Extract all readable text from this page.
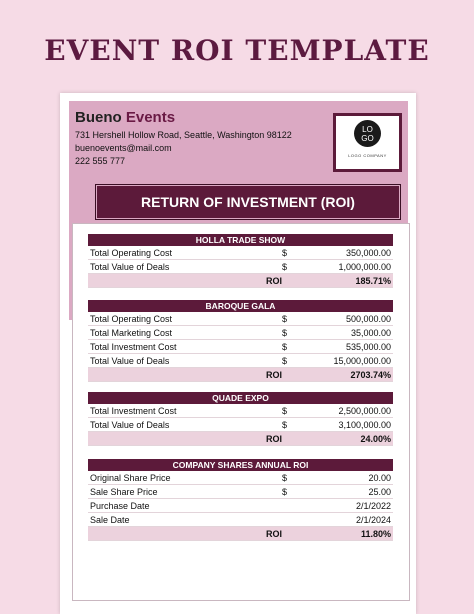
EVENT ROI TEMPLATE
Bueno Events
731 Hershell Hollow Road, Seattle, Washington 98122
buenoevents@mail.com
222 555 777
LO
GO
LOGO COMPANY
RETURN OF INVESTMENT (ROI)
HOLLA TRADE SHOW		
Total Operating Cost	$	350,000.00
Total Value of Deals	$	1,000,000.00
ROI		185.71%
BAROQUE GALA		
Total Operating Cost	$	500,000.00
Total Marketing Cost	$	35,000.00
Total Investment Cost	$	535,000.00
Total Value of Deals	$	15,000,000.00
ROI		2703.74%
QUADE EXPO		
Total Investment Cost	$	2,500,000.00
Total Value of Deals	$	3,100,000.00
ROI		24.00%
COMPANY SHARES ANNUAL ROI		
Original Share Price	$	20.00
Sale Share Price	$	25.00
Purchase Date		2/1/2022
Sale Date		2/1/2024
ROI		11.80%
